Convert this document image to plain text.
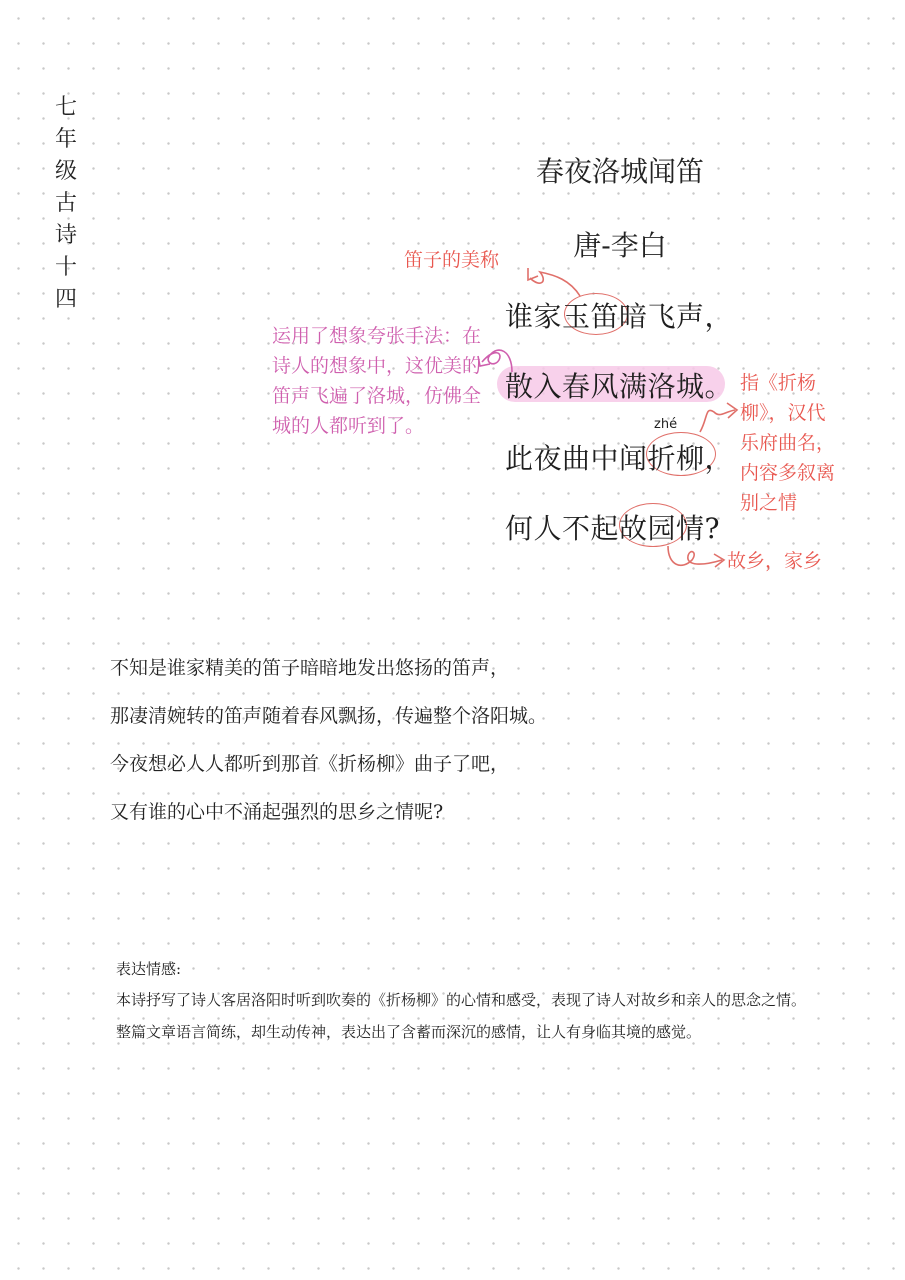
七年级古诗十四
春夜洛城闻笛
唐-李白
谁家玉笛暗飞声，
散入春风满洛城。
此夜曲中闻折柳，
何人不起故园情?
zhé
笛子的美称
运用了想象夸张手法：在诗人的想象中，这优美的笛声飞遍了洛城，仿佛全城的人都听到了。
指《折杨
柳》，汉代
乐府曲名，
内容多叙离
别之情
故乡，家乡
不知是谁家精美的笛子暗暗地发出悠扬的笛声，
那凄清婉转的笛声随着春风飘扬，传遍整个洛阳城。
今夜想必人人都听到那首《折杨柳》曲子了吧，
又有谁的心中不涌起强烈的思乡之情呢?
表达情感:
本诗抒写了诗人客居洛阳时听到吹奏的《折杨柳》的心情和感受，表现了诗人对故乡和亲人的思念之情。整篇文章语言简练，却生动传神，表达出了含蓄而深沉的感情，让人有身临其境的感觉。
